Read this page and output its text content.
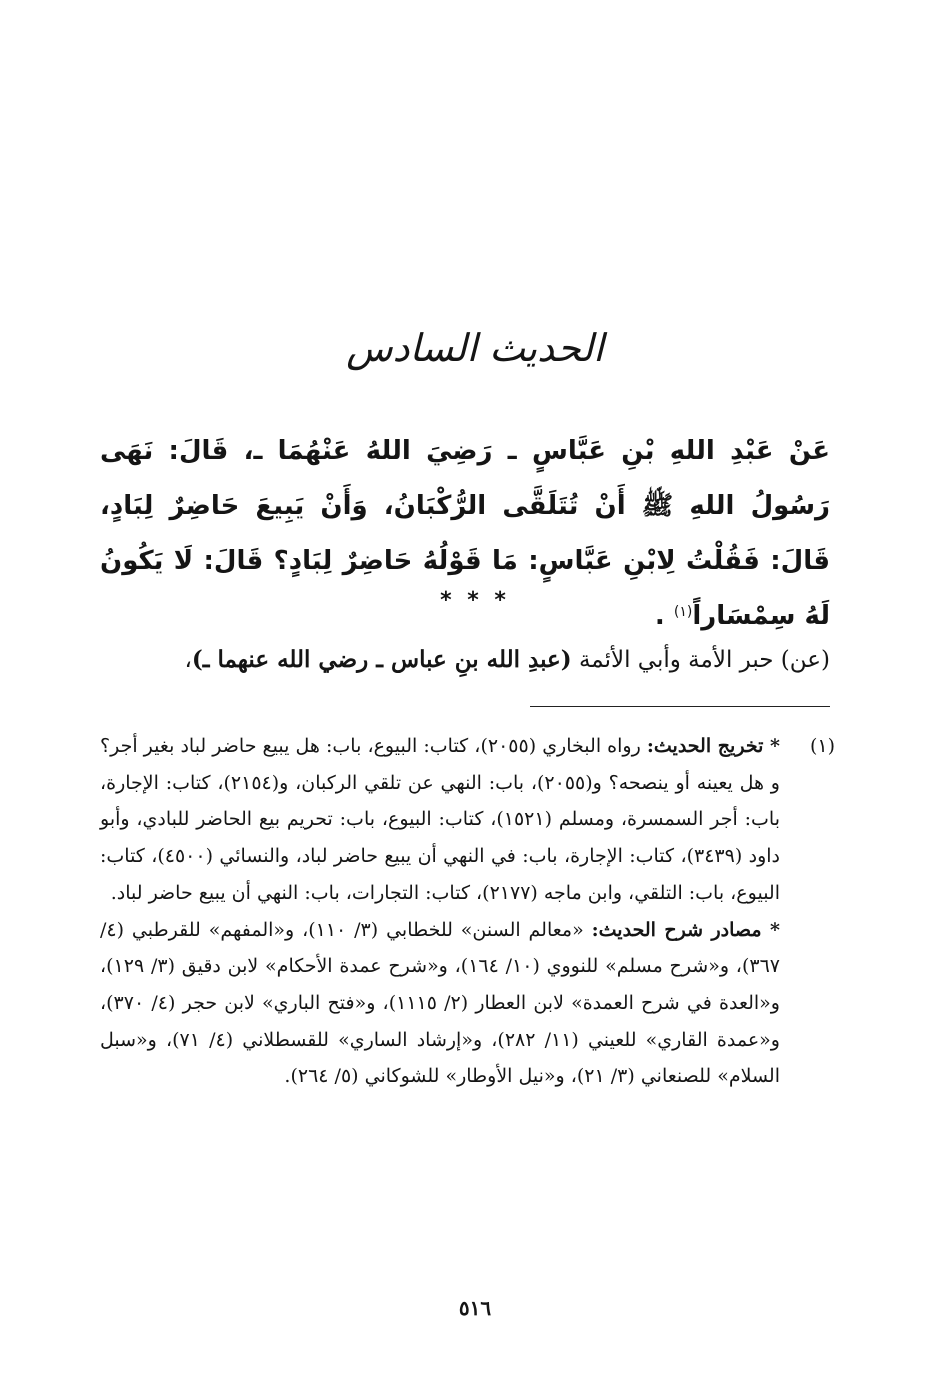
الحديث السادس
عَنْ عَبْدِ اللهِ بْنِ عَبَّاسٍ ـ رَضِيَ اللهُ عَنْهُمَا ـ، قَالَ: نَهَى رَسُولُ اللهِ ﷺ أَنْ تُتَلَقَّى الرُّكْبَانُ، وَأَنْ يَبِيعَ حَاضِرٌ لِبَادٍ، قَالَ: فَقُلْتُ لِابْنِ عَبَّاسٍ: مَا قَوْلُهُ حَاضِرٌ لِبَادٍ؟ قَالَ: لَا يَكُونُ لَهُ سِمْسَاراً$^{(١)}$ .
* * *
(عن) حبر الأمة وأبي الأئمة (عبدِ الله بنِ عباس ـ رضي الله عنهما ـ)،
(١)
* تخريج الحديث: رواه البخاري (٢٠٥٥)، كتاب: البيوع، باب: هل يبيع حاضر لباد بغير أجر؟ و هل يعينه أو ينصحه؟ و(٢٠٥٥)، باب: النهي عن تلقي الركبان، و(٢١٥٤)، كتاب: الإجارة، باب: أجر السمسرة، ومسلم (١٥٢١)، كتاب: البيوع، باب: تحريم بيع الحاضر للبادي، وأبو داود (٣٤٣٩)، كتاب: الإجارة، باب: في النهي أن يبيع حاضر لباد، والنسائي (٤٥٠٠)، كتاب: البيوع، باب: التلقي، وابن ماجه (٢١٧٧)، كتاب: التجارات، باب: النهي أن يبيع حاضر لباد.
* مصادر شرح الحديث: «معالم السنن» للخطابي (٣/ ١١٠)، و«المفهم» للقرطبي (٤/ ٣٦٧)، و«شرح مسلم» للنووي (١٠/ ١٦٤)، و«شرح عمدة الأحكام» لابن دقيق (٣/ ١٢٩)، و«العدة في شرح العمدة» لابن العطار (٢/ ١١١٥)، و«فتح الباري» لابن حجر (٤/ ٣٧٠)، و«عمدة القاري» للعيني (١١/ ٢٨٢)، و«إرشاد الساري» للقسطلاني (٤/ ٧١)، و«سبل السلام» للصنعاني (٣/ ٢١)، و«نيل الأوطار» للشوكاني (٥/ ٢٦٤).
٥١٦
